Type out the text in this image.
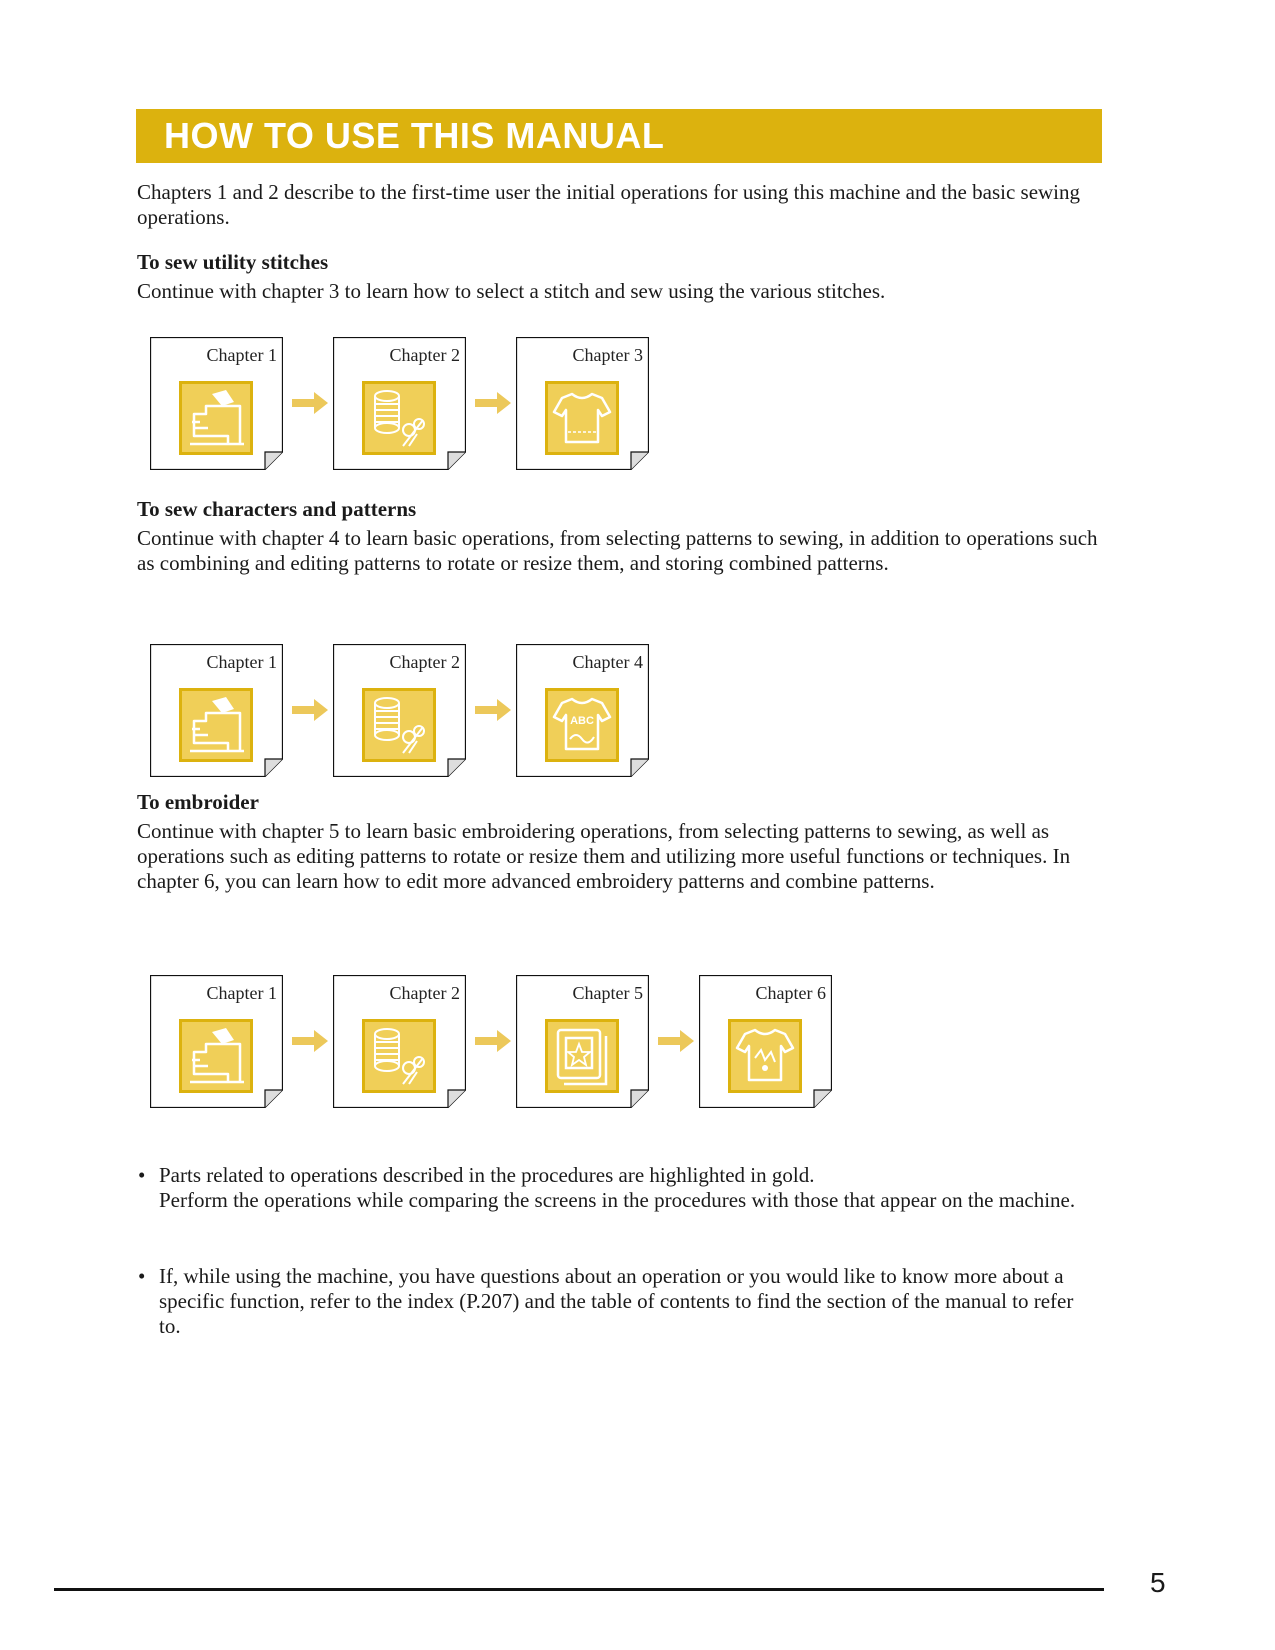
HOW TO USE THIS MANUAL

Chapters 1 and 2 describe to the first-time user the initial operations for using this machine and the basic sewing operations.

To sew utility stitches

Continue with chapter 3 to learn how to select a stitch and sew using the various stitches.

Chapter 1	Chapter 2	Chapter 3
To sew characters and patterns

Continue with chapter 4 to learn basic operations, from selecting patterns to sewing, in addition to operations such as combining and editing patterns to rotate or resize them, and storing combined patterns.

Chapter 1	Chapter 2	Chapter 4
ABC
To embroider

Continue with chapter 5 to learn basic embroidering operations, from selecting patterns to sewing, as well as operations such as editing patterns to rotate or resize them and utilizing more useful functions or techniques. In chapter 6, you can learn how to edit more advanced embroidery patterns and combine patterns.

Chapter 1	Chapter 2	Chapter 5	Chapter 6
• Parts related to operations described in the procedures are highlighted in gold.
Perform the operations while comparing the screens in the procedures with those that appear on the machine.
• If, while using the machine, you have questions about an operation or you would like to know more about a specific function, refer to the index (P.207) and the table of contents to find the section of the manual to refer to.
5
